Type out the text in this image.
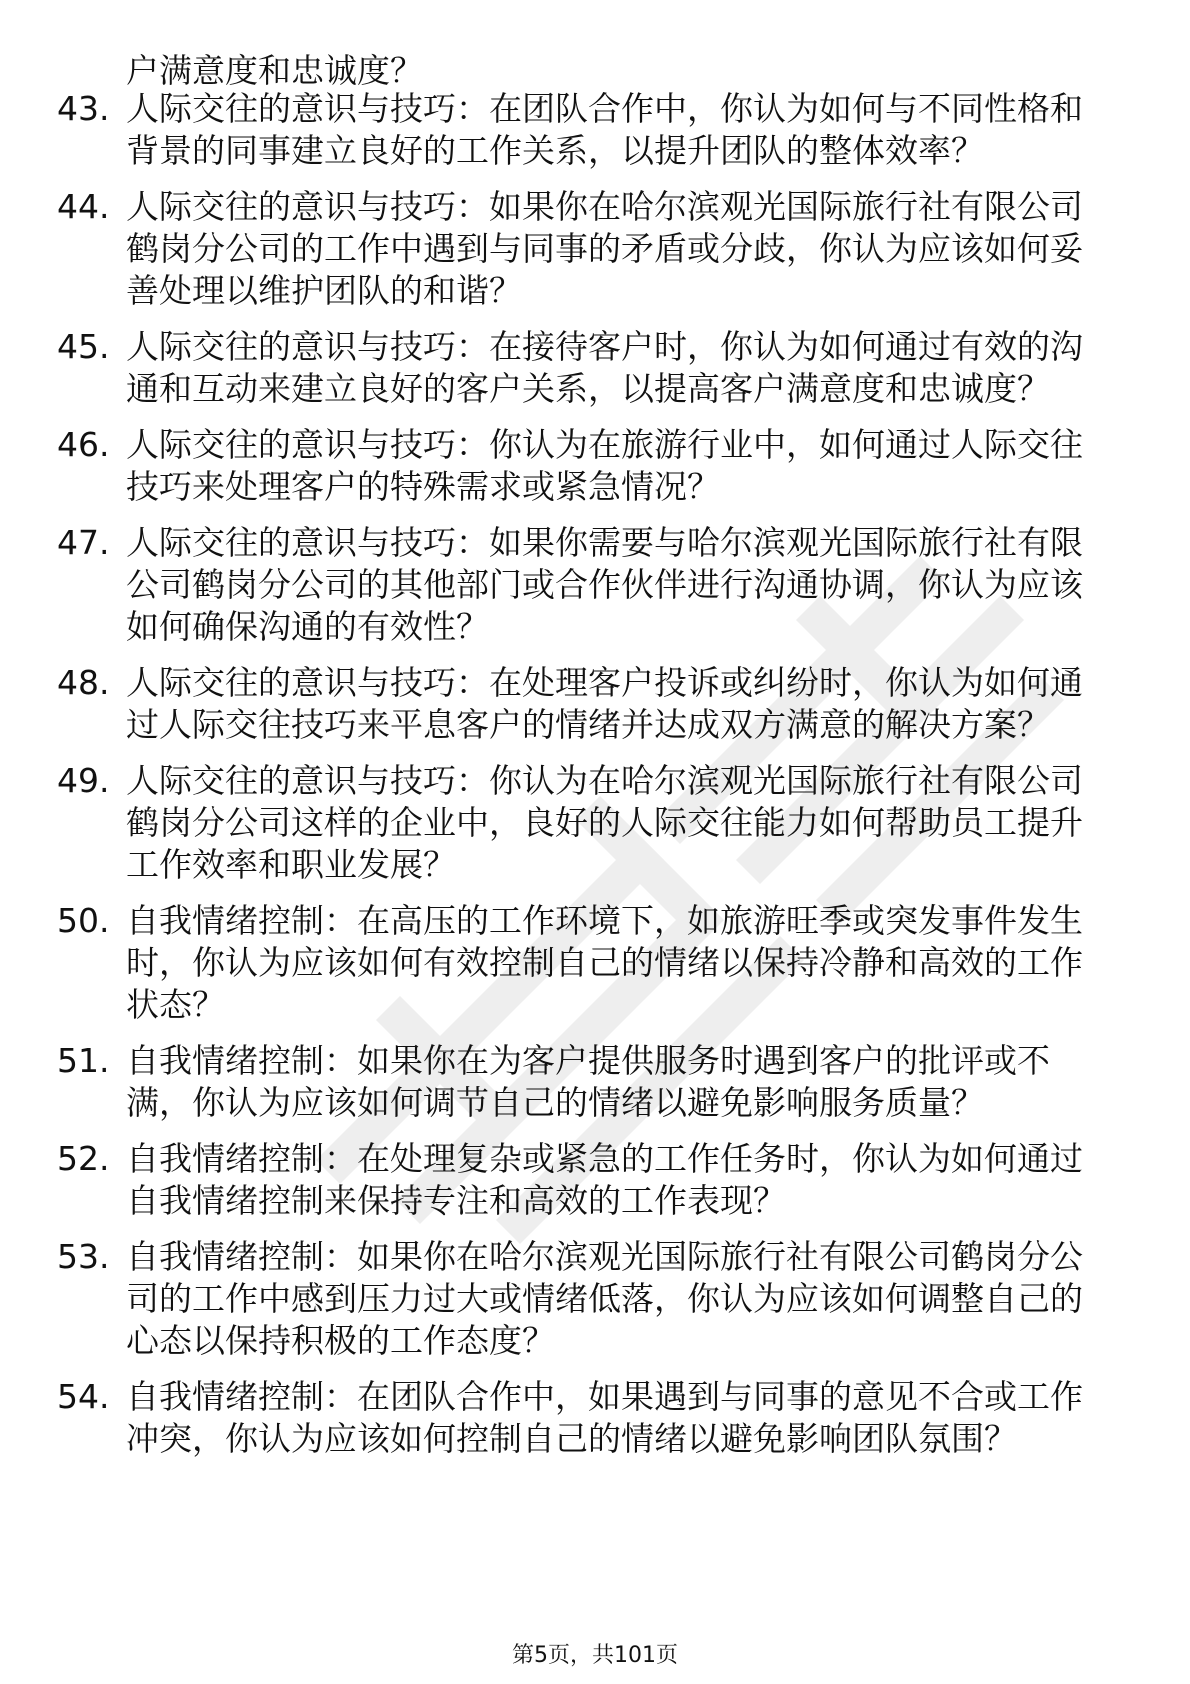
户满意度和忠诚度？
43. 人际交往的意识与技巧：在团队合作中，你认为如何与不同性格和背景的同事建立良好的工作关系，以提升团队的整体效率？
44. 人际交往的意识与技巧：如果你在哈尔滨观光国际旅行社有限公司鹤岗分公司的工作中遇到与同事的矛盾或分歧，你认为应该如何妥善处理以维护团队的和谐？
45. 人际交往的意识与技巧：在接待客户时，你认为如何通过有效的沟通和互动来建立良好的客户关系，以提高客户满意度和忠诚度？
46. 人际交往的意识与技巧：你认为在旅游行业中，如何通过人际交往技巧来处理客户的特殊需求或紧急情况？
47. 人际交往的意识与技巧：如果你需要与哈尔滨观光国际旅行社有限公司鹤岗分公司的其他部门或合作伙伴进行沟通协调，你认为应该如何确保沟通的有效性？
48. 人际交往的意识与技巧：在处理客户投诉或纠纷时，你认为如何通过人际交往技巧来平息客户的情绪并达成双方满意的解决方案？
49. 人际交往的意识与技巧：你认为在哈尔滨观光国际旅行社有限公司鹤岗分公司这样的企业中，良好的人际交往能力如何帮助员工提升工作效率和职业发展？
50. 自我情绪控制：在高压的工作环境下，如旅游旺季或突发事件发生时，你认为应该如何有效控制自己的情绪以保持冷静和高效的工作状态？
51. 自我情绪控制：如果你在为客户提供服务时遇到客户的批评或不满，你认为应该如何调节自己的情绪以避免影响服务质量？
52. 自我情绪控制：在处理复杂或紧急的工作任务时，你认为如何通过自我情绪控制来保持专注和高效的工作表现？
53. 自我情绪控制：如果你在哈尔滨观光国际旅行社有限公司鹤岗分公司的工作中感到压力过大或情绪低落，你认为应该如何调整自己的心态以保持积极的工作态度？
54. 自我情绪控制：在团队合作中，如果遇到与同事的意见不合或工作冲突，你认为应该如何控制自己的情绪以避免影响团队氛围？
第5页，共101页
